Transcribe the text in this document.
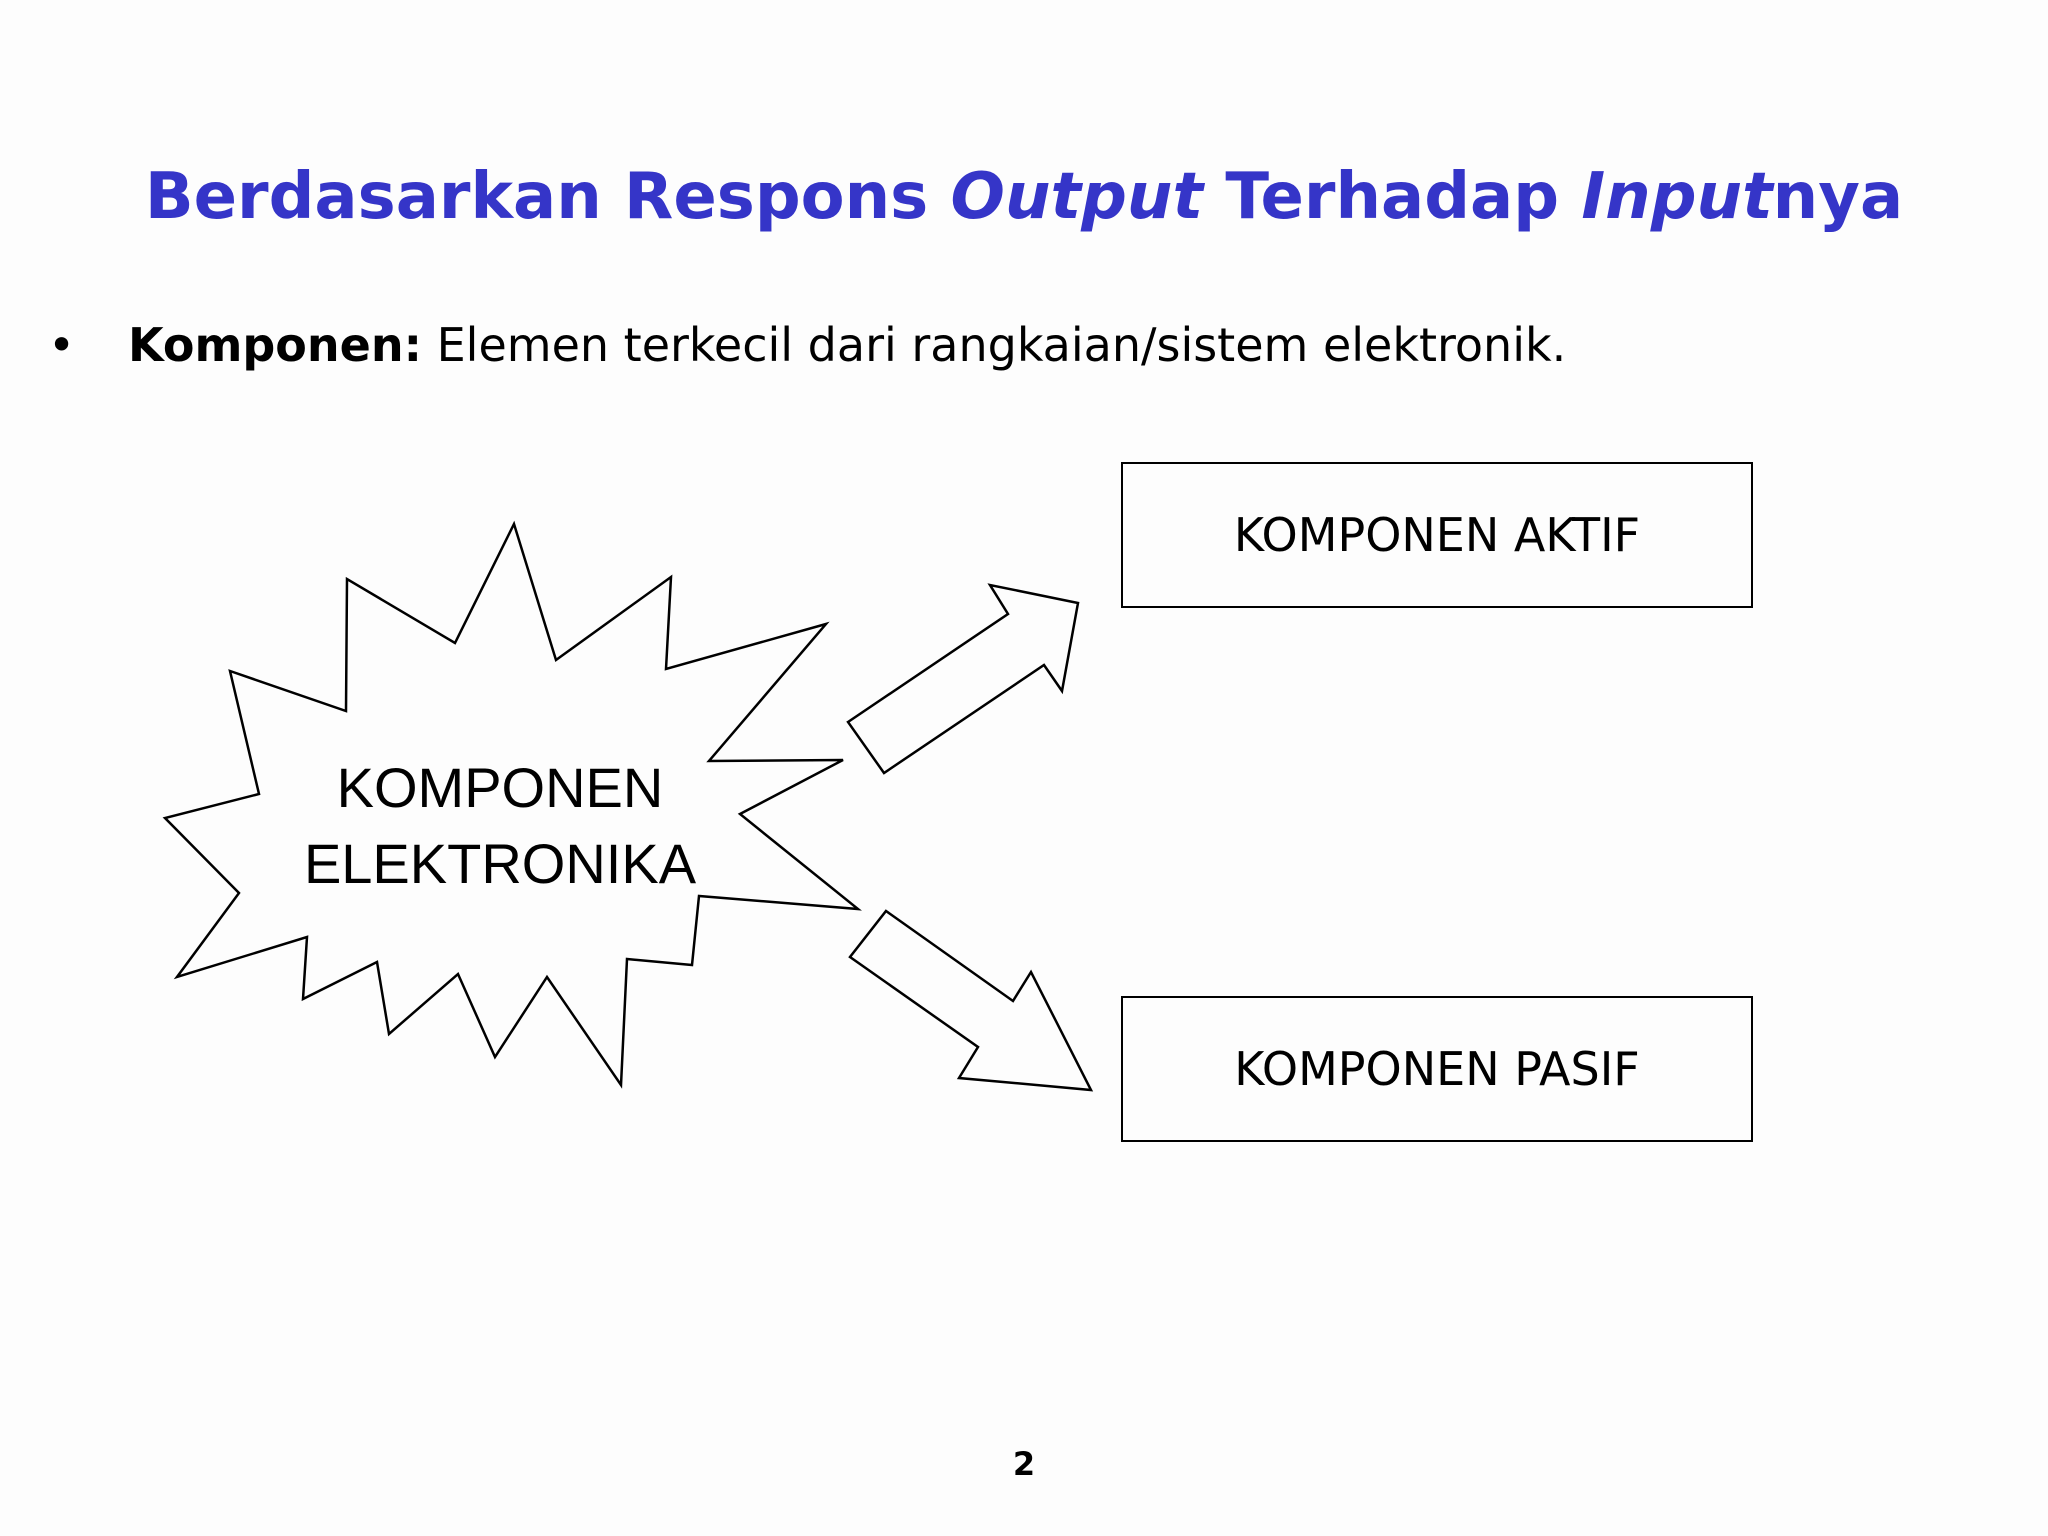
Berdasarkan Respons Output Terhadap Inputnya
• Komponen: Elemen terkecil dari rangkaian/sistem elektronik.
KOMPONEN
ELEKTRONIKA
KOMPONEN AKTIF
KOMPONEN PASIF
2
